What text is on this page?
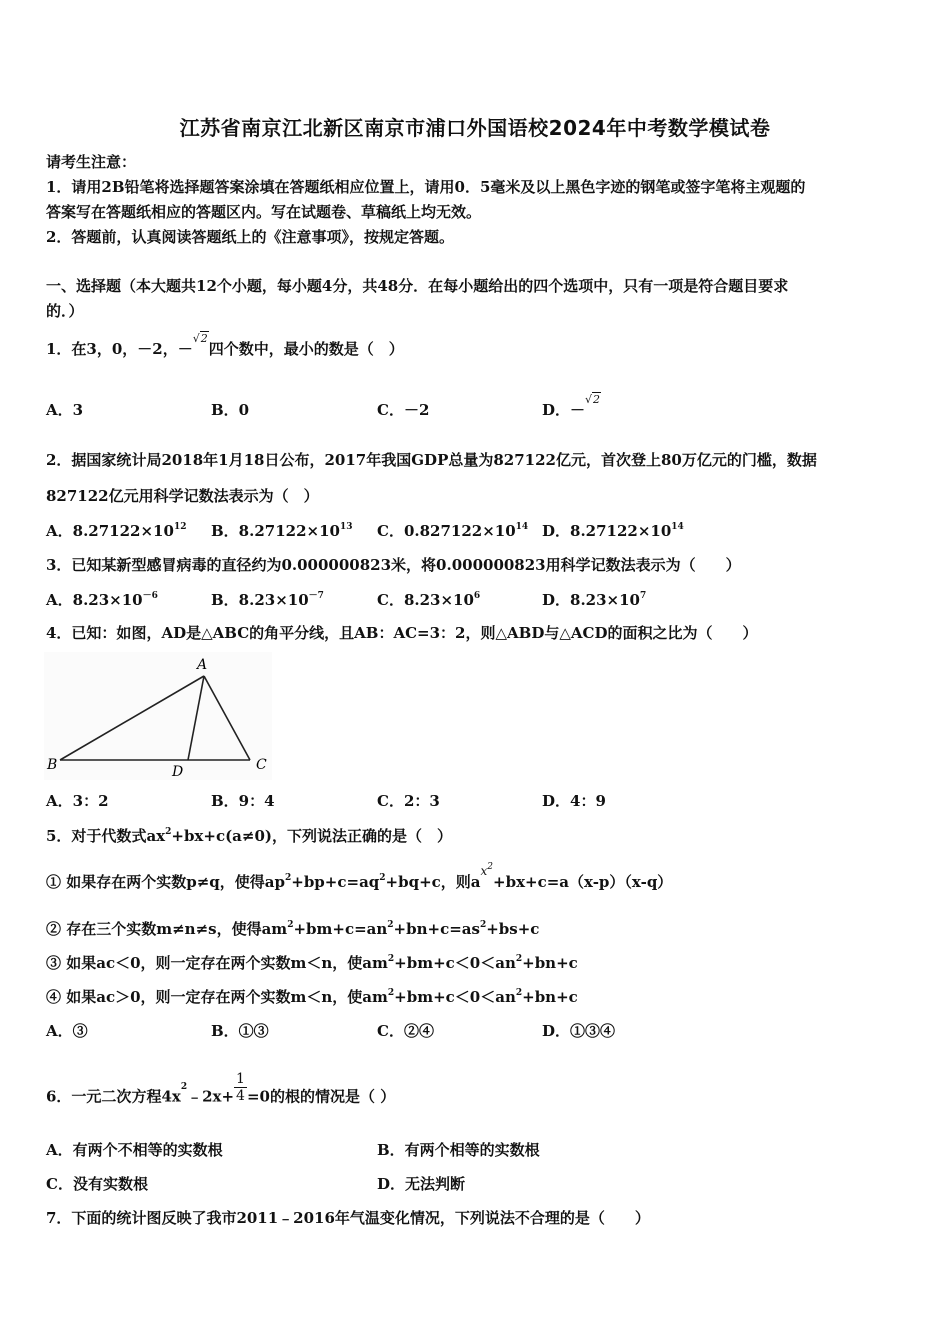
江苏省南京江北新区南京市浦口外国语校2024年中考数学模试卷
请考生注意：
1．请用2B铅笔将选择题答案涂填在答题纸相应位置上，请用0．5毫米及以上黑色字迹的钢笔或签字笔将主观题的
答案写在答题纸相应的答题区内。写在试题卷、草稿纸上均无效。
2．答题前，认真阅读答题纸上的《注意事项》，按规定答题。
一、选择题（本大题共12个小题，每小题4分，共48分．在每小题给出的四个选项中，只有一项是符合题目要求
的．）
1．在3，0，－2，－√2四个数中，最小的数是（　）
A．3	B．0	C．－2	D．－√2
2．据国家统计局2018年1月18日公布，2017年我国GDP总量为827122亿元，首次登上80万亿元的门槛，数据
827122亿元用科学记数法表示为（　）
A．$8.27122\times 10^{12}$ B．$8.27122\times 10^{13}$ C．$0.827122\times 10^{14}$ D．$8.27122\times 10^{14}$
3．已知某新型感冒病毒的直径约为0.000000823米，将0.000000823用科学记数法表示为（　　）
A．$8.23\times 10^{-6}$	B．$8.23\times 10^{-7}$	C．$8.23\times 10^6$	D．$8.23\times 10^7$
4．已知：如图，AD是△ABC的角平分线，且AB：AC=3：2，则△ABD与△ACD的面积之比为（　　）
A
B	C
D
A．3：2	B．9：4	C．2：3	D．4：9
5．对于代数式$ax^2+bx+c(a\ne 0)$，下列说法正确的是（　）
① 如果存在两个实数p≠q，使得$ap^2+bp+c=aq^2+bq+c$，则$ax^2+bx+c=a(x-p)(x-q)$
② 存在三个实数m≠n≠s，使得$am^2+bm+c=an^2+bn+c=as^2+bs+c$
③ 如果ac＜0，则一定存在两个实数m＜n，使$am^2+bm+c<0<an^2+bn+c$
④ 如果ac＞0，则一定存在两个实数m＜n，使$am^2+bm+c<0<an^2+bn+c$
A．③	B．①③	C．②④	D．①③④
6．一元二次方程$4x^2﹣2x+ \frac{1}{4} =0$的根的情况是（ ）
A．有两个不相等的实数根	B．有两个相等的实数根
C．没有实数根	D．无法判断
7．下面的统计图反映了我市2011﹣2016年气温变化情况，下列说法不合理的是（　　）
